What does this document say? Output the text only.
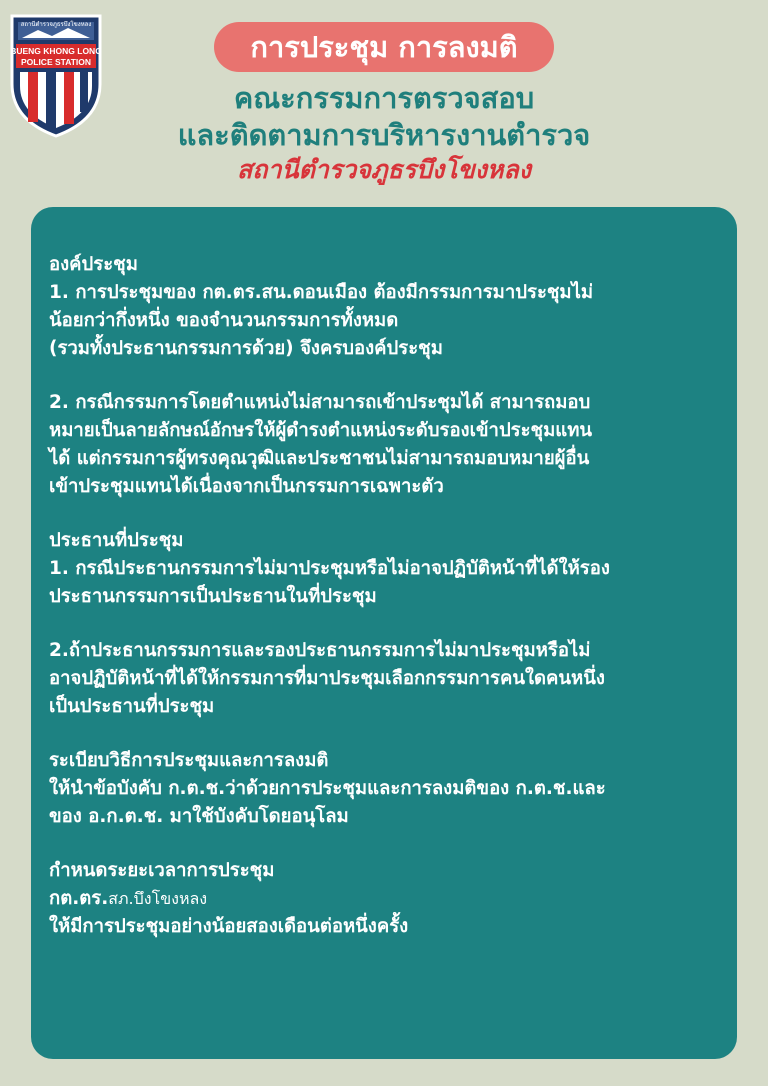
สถานีตำรวจภูธรบึงโขงหลง
BUENG KHONG LONG
POLICE STATION	การประชุม การลงมติ
คณะกรรมการตรวจสอบ
และติดตามการบริหารงานตำรวจ
สถานีตำรวจภูธรบึงโขงหลง
องค์ประชุม
1. การประชุมของ กต.ตร.สน.ดอนเมือง ต้องมีกรรมการมาประชุมไม่
น้อยกว่ากึ่งหนึ่ง ของจำนวนกรรมการทั้งหมด
(รวมทั้งประธานกรรมการด้วย) จึงครบองค์ประชุม
2. กรณีกรรมการโดยตำแหน่งไม่สามารถเข้าประชุมได้ สามารถมอบ
หมายเป็นลายลักษณ์อักษรให้ผู้ดำรงตำแหน่งระดับรองเข้าประชุมแทน
ได้ แต่กรรมการผู้ทรงคุณวุฒิและประชาชนไม่สามารถมอบหมายผู้อื่น
เข้าประชุมแทนได้เนื่องจากเป็นกรรมการเฉพาะตัว
ประธานที่ประชุม
1. กรณีประธานกรรมการไม่มาประชุมหรือไม่อาจปฏิบัติหน้าที่ได้ให้รอง
ประธานกรรมการเป็นประธานในที่ประชุม
2.ถ้าประธานกรรมการและรองประธานกรรมการไม่มาประชุมหรือไม่
อาจปฏิบัติหน้าที่ได้ให้กรรมการที่มาประชุมเลือกกรรมการคนใดคนหนึ่ง
เป็นประธานที่ประชุม
ระเบียบวิธีการประชุมและการลงมติ
ให้นำข้อบังคับ ก.ต.ช.ว่าด้วยการประชุมและการลงมติของ ก.ต.ช.และ
ของ อ.ก.ต.ช. มาใช้บังคับโดยอนุโลม
กำหนดระยะเวลาการประชุม
กต.ตร.สภ.บึงโขงหลง
ให้มีการประชุมอย่างน้อยสองเดือนต่อหนึ่งครั้ง
